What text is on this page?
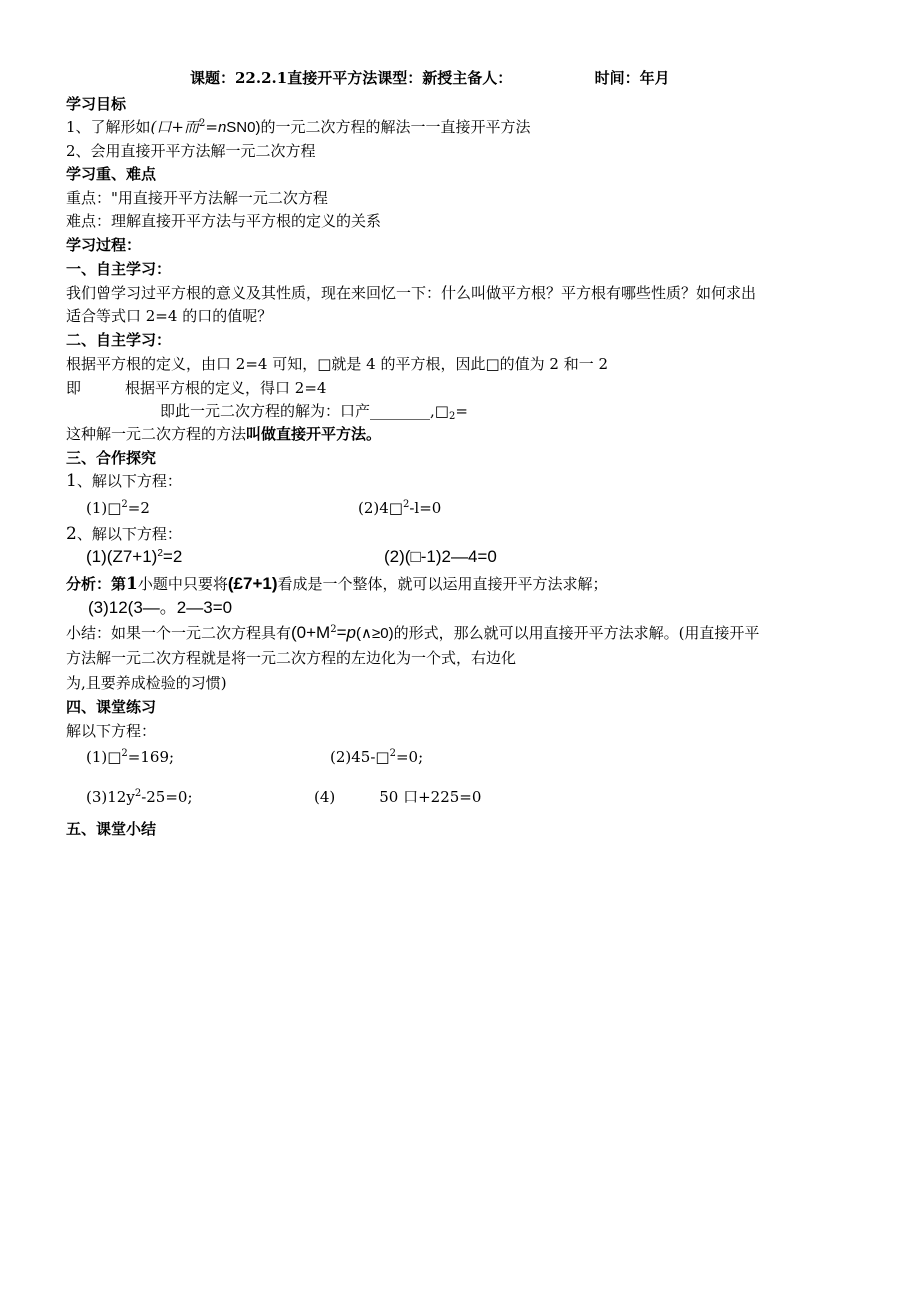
课题：22.2.1直接开平方法课型：新授主备人：	时间：年月
学习目标
1、了解形如(口+而$^2$=nSN0)的一元二次方程的解法一一直接开平方法
2、会用直接开平方法解一元二次方程
学习重、难点
重点："用直接开平方法解一元二次方程
难点：理解直接开平方法与平方根的定义的关系
学习过程：
一、自主学习：
我们曾学习过平方根的意义及其性质，现在来回忆一下：什么叫做平方根？平方根有哪些性质？如何求出
适合等式口 2=4 的口的值呢？
二、自主学习：
根据平方根的定义，由口 2=4 可知，□就是 4 的平方根，因此□的值为 2 和一 2
即	根据平方根的定义，得口 2=4
即此一元二次方程的解为：口产$\_\_\_\_\_\_\_\_,□_2=$
这种解一元二次方程的方法叫做直接开平方法。
三、合作探究
1、解以下方程：
(1)□$^2$=2	(2)4□$^2$-l=0
2、解以下方程：
$(1)(Z7+1)^2=2$	(2)(□-1)2—4=0
分析：第1小题中只要将(£7+1)看成是一个整体，就可以运用直接开平方法求解；
(3)12(3—。2—3=0
小结：如果一个一元二次方程具有($0+M^2=p(\wedge\ge 0)$的形式，那么就可以用直接开平方法求解。(用直接开平
方法解一元二次方程就是将一元二次方程的左边化为一个式，右边化
为,且要养成检验的习惯)
四、课堂练习
解以下方程：
(1)□$^2$=169;	(2)45-□$^2$=0;
$(3)12y^2-25=0$;	(4)	50 口+225=0
五、课堂小结
